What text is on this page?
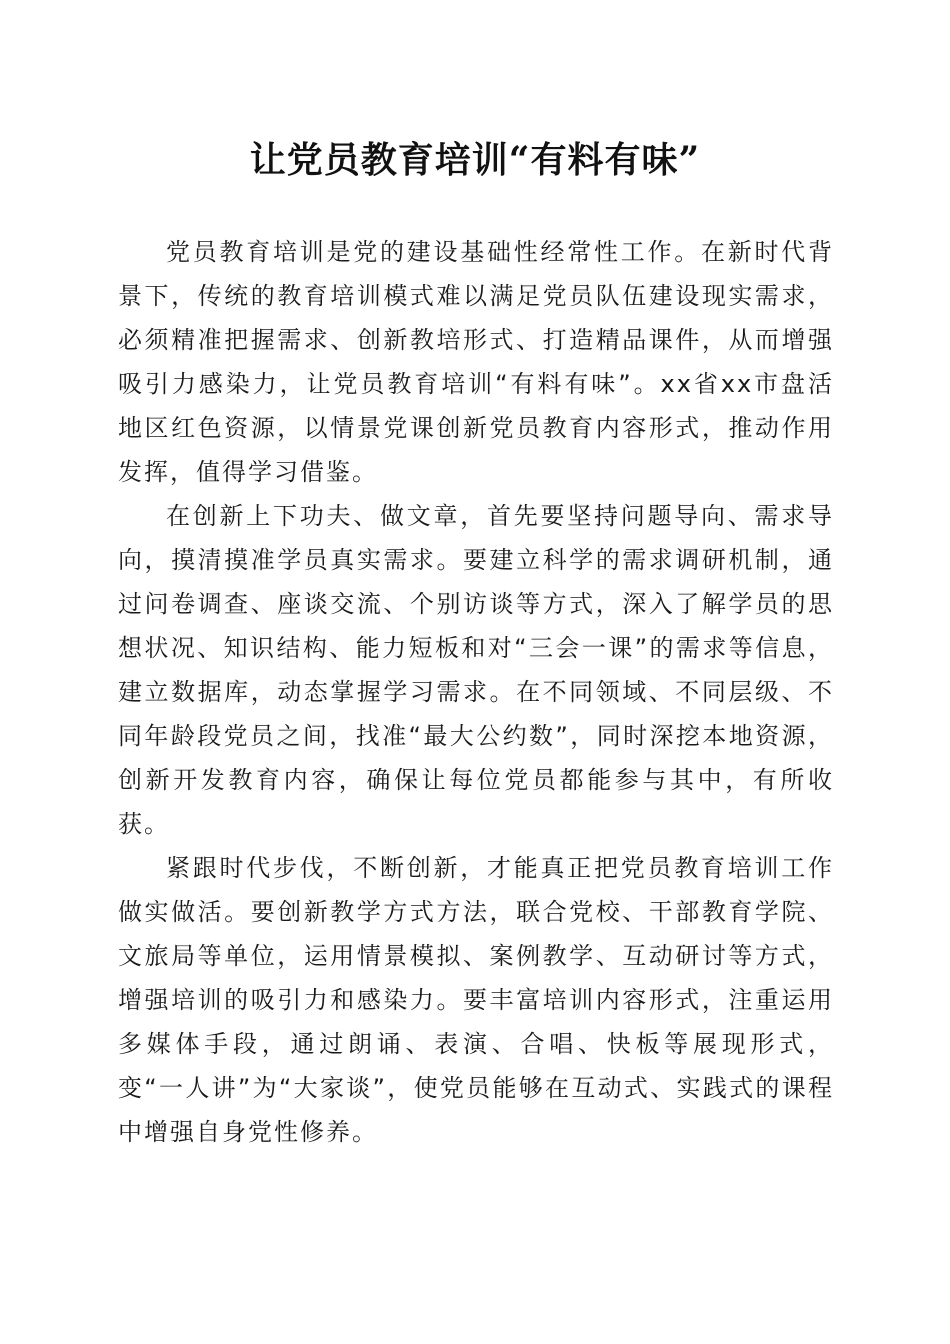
让党员教育培训“有料有味”

党员教育培训是党的建设基础性经常性工作。在新时代背景下，传统的教育培训模式难以满足党员队伍建设现实需求，必须精准把握需求、创新教培形式、打造精品课件，从而增强吸引力感染力，让党员教育培训“有料有味”。xx省xx市盘活地区红色资源，以情景党课创新党员教育内容形式，推动作用发挥，值得学习借鉴。

在创新上下功夫、做文章，首先要坚持问题导向、需求导向，摸清摸准学员真实需求。要建立科学的需求调研机制，通过问卷调查、座谈交流、个别访谈等方式，深入了解学员的思想状况、知识结构、能力短板和对“三会一课”的需求等信息，建立数据库，动态掌握学习需求。在不同领域、不同层级、不同年龄段党员之间，找准“最大公约数”，同时深挖本地资源，创新开发教育内容，确保让每位党员都能参与其中，有所收获。

紧跟时代步伐，不断创新，才能真正把党员教育培训工作做实做活。要创新教学方式方法，联合党校、干部教育学院、文旅局等单位，运用情景模拟、案例教学、互动研讨等方式，增强培训的吸引力和感染力。要丰富培训内容形式，注重运用多媒体手段，通过朗诵、表演、合唱、快板等展现形式，变“一人讲”为“大家谈”，使党员能够在互动式、实践式的课程中增强自身党性修养。
